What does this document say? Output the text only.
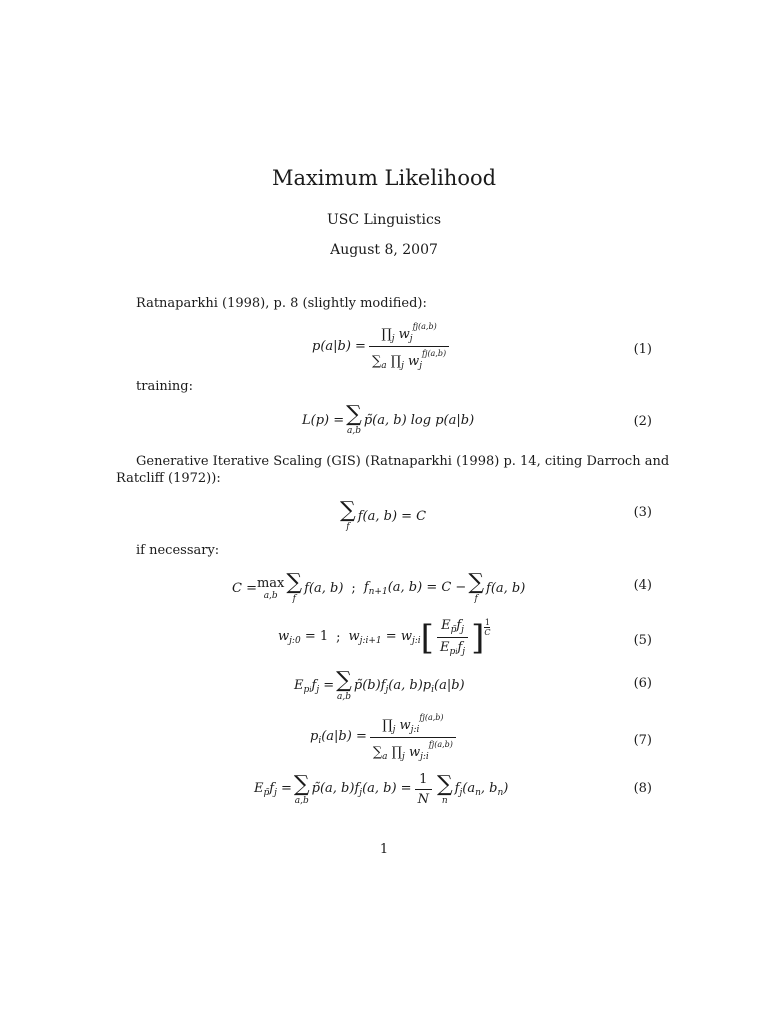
Maximum Likelihood
USC Linguistics
August 8, 2007
Ratnaparkhi (1998), p. 8 (slightly modified):
$p(a|b) = \frac{\prod_j w_j^{fj(a,b)}}{\sum_a \prod_j w_j^{fj(a,b)}}$	(1)
training:
L(p) = ∑
a,b
p̃(a, b) log p(a|b)	(2)
Generative Iterative Scaling (GIS) (Ratnaparkhi (1998) p. 14, citing Darroch and
Ratcliff (1972)):
∑
f
f(a, b) = C	(3)
if necessary:
C = max
a,b
∑
f
f(a, b) ; $f_{n+1}(a$, b) = C − ∑
f
f(a, b)	(4)
$w_{j:0} = 1$ ; $w_{j:i+1} = w_{j:i}$ [ $\frac{E_{p̃}f_j}{E_{pi}f_j}$ ] 1
C
(5)
$E_{pi}f_j$ = ∑
a,b
$p̃(b)f_j(a$, $b)p_i(a|b)$	(6)
$p_i(a|b) = \frac{\prod_j w_{j:i}^{fj(a,b)}}{\sum_a \prod_j w_{j:i}^{fj(a,b)}}$	(7)
$E_{p̃}f_j$ = ∑
a,b
p̃(a, $b)f_j(a$, $b) = \frac{1}{N}$ ∑
n
$f_j(a_n$, $b_n$)	(8)
1
